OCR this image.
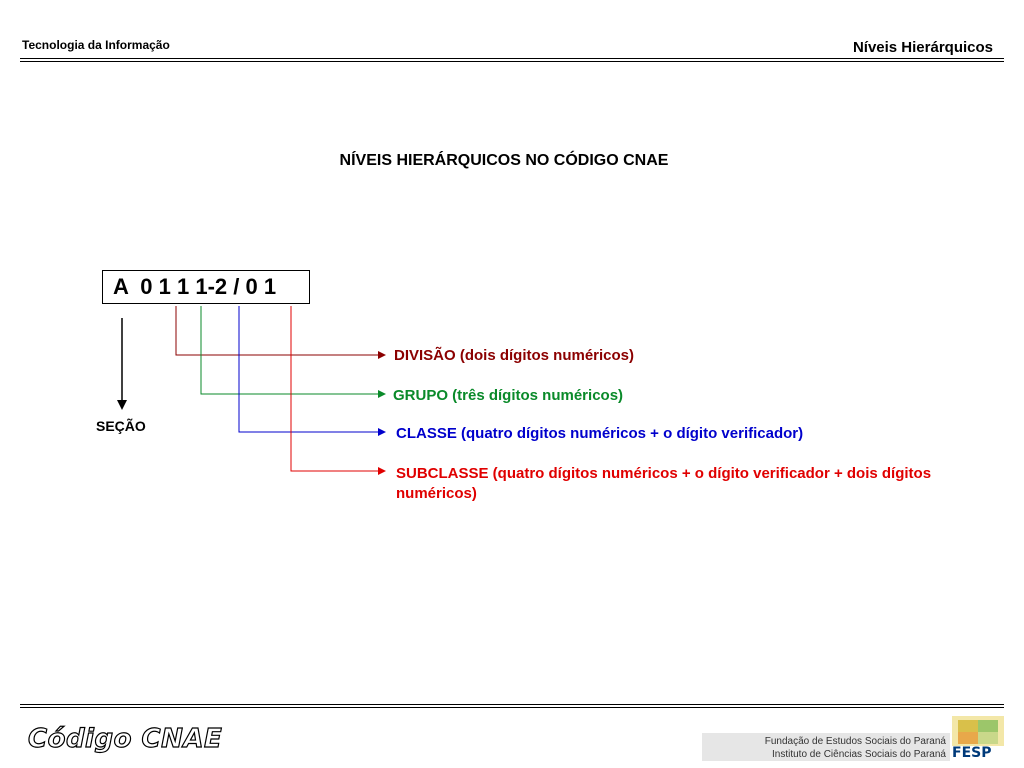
Tecnologia da Informação	Níveis Hierárquicos
NÍVEIS HIERÁRQUICOS NO CÓDIGO CNAE
A  0 1 1 1-2 / 0 1
SEÇÃO
DIVISÃO (dois dígitos numéricos)
GRUPO (três dígitos numéricos)
CLASSE (quatro dígitos numéricos + o dígito verificador)
SUBCLASSE (quatro dígitos numéricos + o dígito verificador + dois dígitos numéricos)
Código CNAE	Fundação de Estudos Sociais do Paraná
Instituto de Ciências Sociais do Paraná FESP
